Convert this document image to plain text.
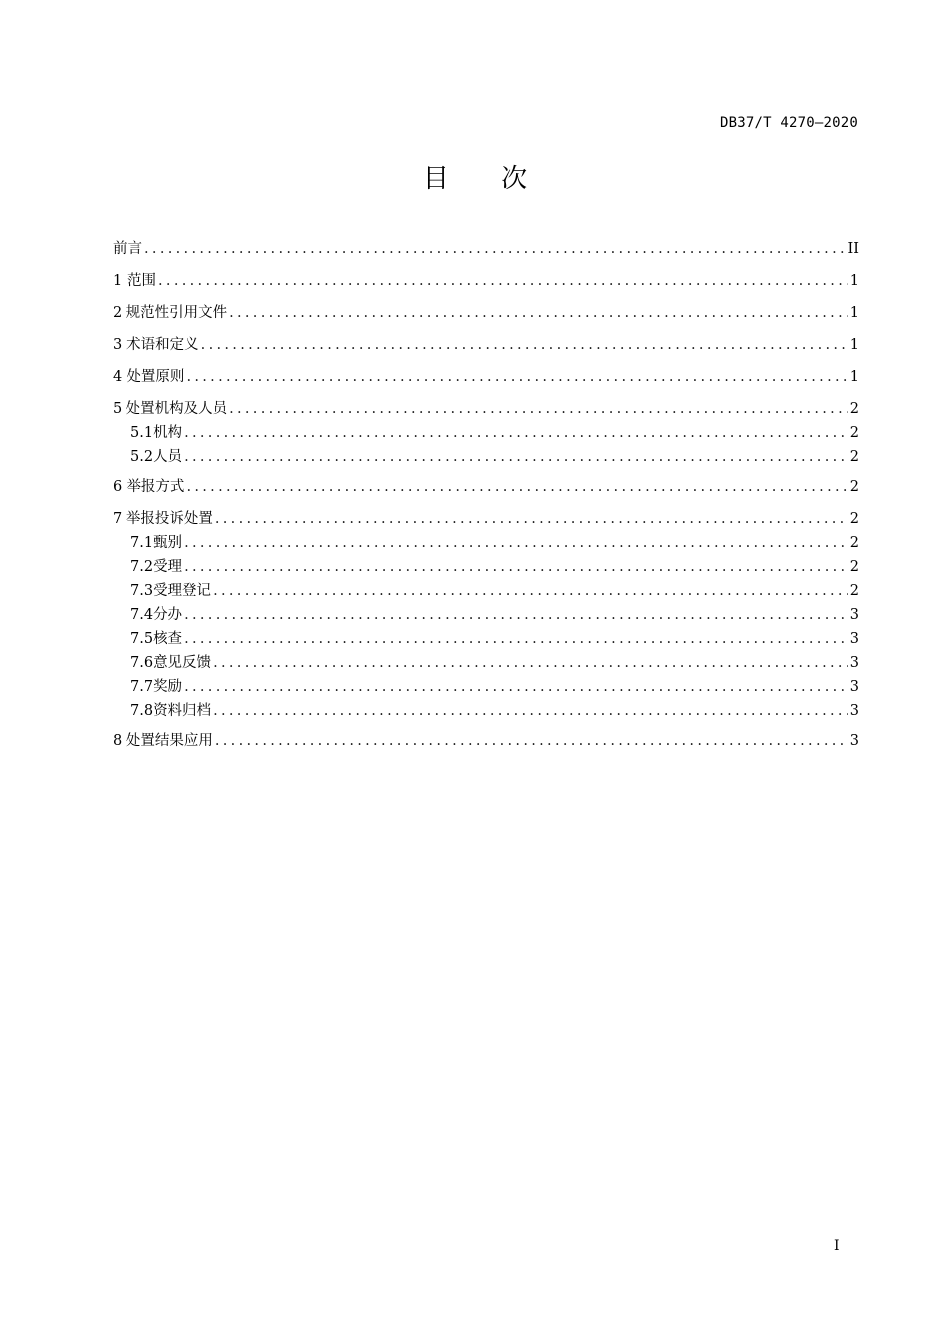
DB37/T 4270—2020
目 次
前言 .....	II
1 范围 .....	1
2 规范性引用文件 .....	1
3 术语和定义 .....	1
4 处置原则 .....	1
5 处置机构及人员 .....	2
5.1 机构 .....	2
5.2 人员 .....	2
6 举报方式 .....	2
7 举报投诉处置 .....	2
7.1 甄别 .....	2
7.2 受理 .....	2
7.3 受理登记 .....	2
7.4 分办 .....	3
7.5 核查 .....	3
7.6 意见反馈 .....	3
7.7 奖励 .....	3
7.8 资料归档 .....	3
8 处置结果应用 .....	3
I
